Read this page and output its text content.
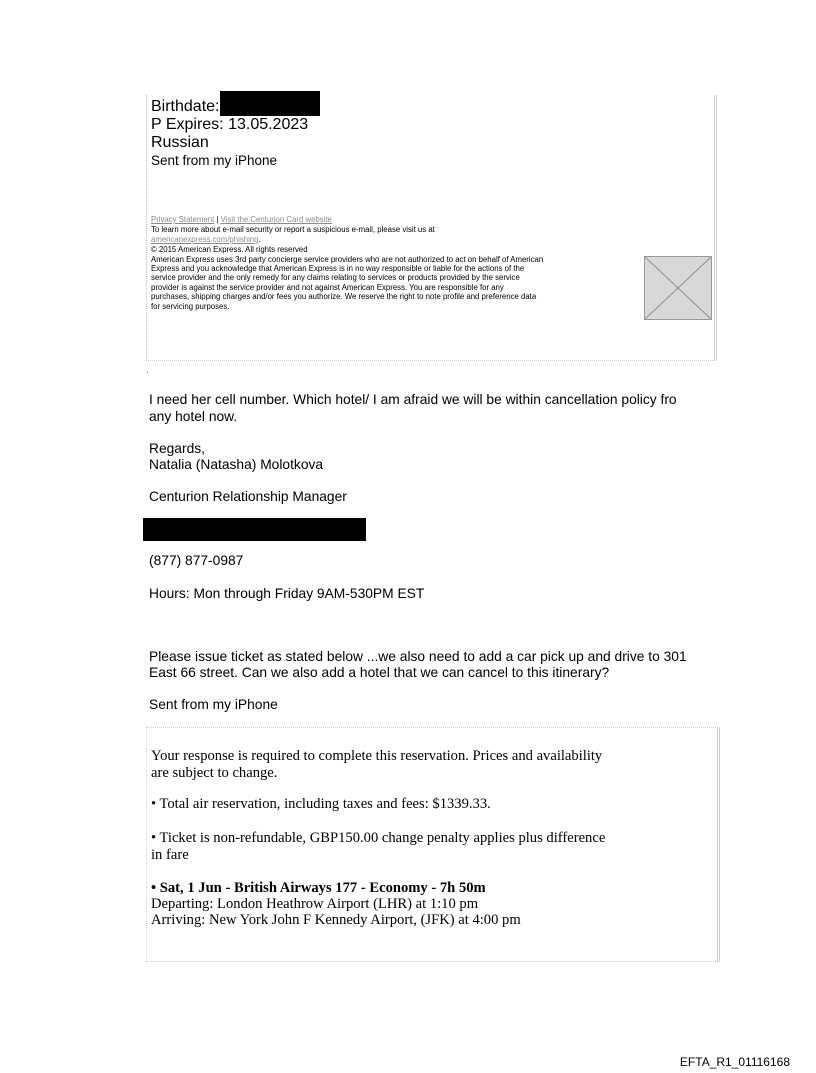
Birthdate:
P Expires: 13.05.2023
Russian
Sent from my iPhone
Privacy Statement | Visit the Centurion Card website
To learn more about e-mail security or report a suspicious e-mail, please visit us at
americanexpress.com/phishing.
© 2015 American Express. All rights reserved
American Express uses 3rd party concierge service providers who are not authorized to act on behalf of American
Express and you acknowledge that American Express is in no way responsible or liable for the actions of the
service provider and the only remedy for any claims relating to services or products provided by the service
provider is against the service provider and not against American Express. You are responsible for any
purchases, shipping charges and/or fees you authorize. We reserve the right to note profile and preference data
for servicing purposes.
.
I need her cell number. Which hotel/ I am afraid we will be within cancellation policy fro
any hotel now.
Regards,
Natalia (Natasha) Molotkova
Centurion Relationship Manager
(877) 877-0987
Hours: Mon through Friday 9AM-530PM EST
Please issue ticket as stated below ...we also need to add a car pick up and drive to 301
East 66 street. Can we also add a hotel that we can cancel to this itinerary?
Sent from my iPhone
Your response is required to complete this reservation. Prices and availability
are subject to change.
• Total air reservation, including taxes and fees: $1339.33.
• Ticket is non-refundable, GBP150.00 change penalty applies plus difference
in fare
• Sat, 1 Jun - British Airways 177 - Economy - 7h 50m
Departing: London Heathrow Airport (LHR) at 1:10 pm
Arriving: New York John F Kennedy Airport, (JFK) at 4:00 pm
EFTA_R1_01116168
